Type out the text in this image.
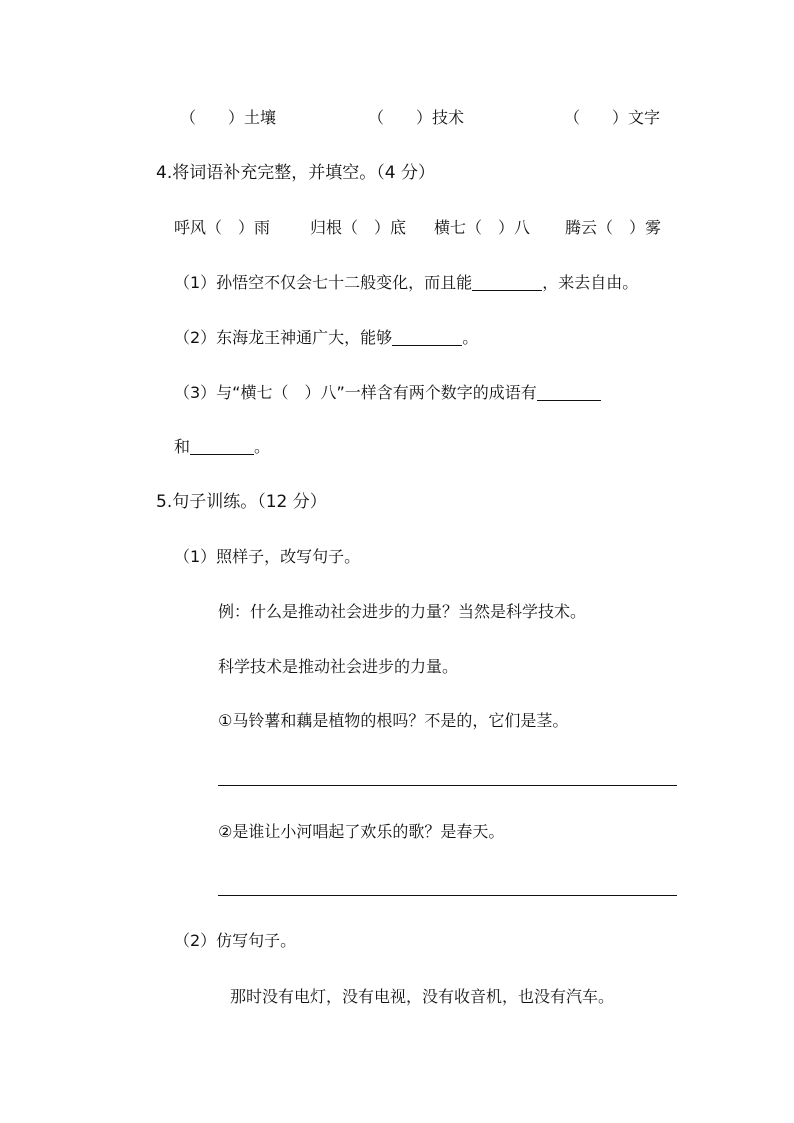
（　　）土壤	（　　）技术	（　　）文字
4.将词语补充完整，并填空。（4 分）
呼风（　）雨 归根（　）底 横七（　）八 腾云（　）雾
（1）孙悟空不仅会七十二般变化，而且能	，来去自由。
（2）东海龙王神通广大，能够	。
（3）与“横七（　）八”一样含有两个数字的成语有
和	。
5.句子训练。（12 分）
（1）照样子，改写句子。
例：什么是推动社会进步的力量？当然是科学技术。
科学技术是推动社会进步的力量。
①马铃薯和藕是植物的根吗？不是的，它们是茎。
②是谁让小河唱起了欢乐的歌？是春天。
（2）仿写句子。
那时没有电灯，没有电视，没有收音机，也没有汽车。
